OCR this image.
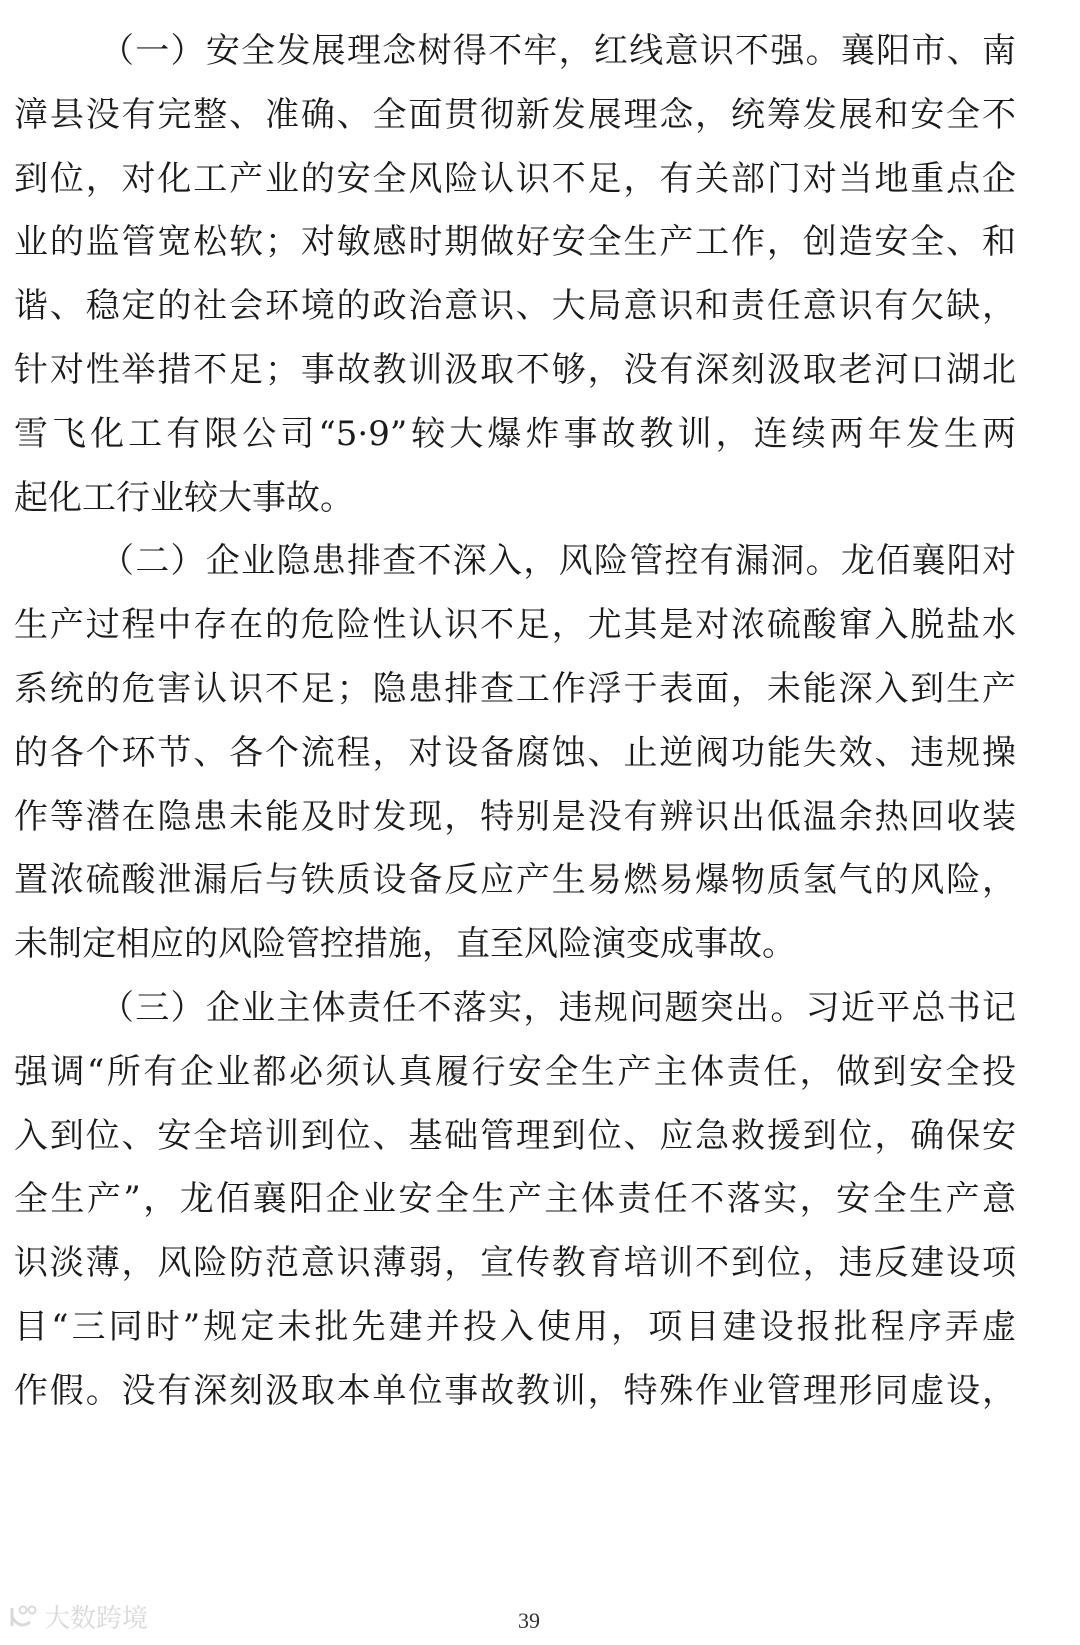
（一）安全发展理念树得不牢，红线意识不强。襄阳市、南
漳县没有完整、准确、全面贯彻新发展理念，统筹发展和安全不
到位，对化工产业的安全风险认识不足，有关部门对当地重点企
业的监管宽松软；对敏感时期做好安全生产工作，创造安全、和
谐、稳定的社会环境的政治意识、大局意识和责任意识有欠缺，
针对性举措不足；事故教训汲取不够，没有深刻汲取老河口湖北
雪飞化工有限公司“5·9”较大爆炸事故教训，连续两年发生两
起化工行业较大事故。
（二）企业隐患排查不深入，风险管控有漏洞。龙佰襄阳对
生产过程中存在的危险性认识不足，尤其是对浓硫酸窜入脱盐水
系统的危害认识不足；隐患排查工作浮于表面，未能深入到生产
的各个环节、各个流程，对设备腐蚀、止逆阀功能失效、违规操
作等潜在隐患未能及时发现，特别是没有辨识出低温余热回收装
置浓硫酸泄漏后与铁质设备反应产生易燃易爆物质氢气的风险，
未制定相应的风险管控措施，直至风险演变成事故。
（三）企业主体责任不落实，违规问题突出。习近平总书记
强调“所有企业都必须认真履行安全生产主体责任，做到安全投
入到位、安全培训到位、基础管理到位、应急救援到位，确保安
全生产”，龙佰襄阳企业安全生产主体责任不落实，安全生产意
识淡薄，风险防范意识薄弱，宣传教育培训不到位，违反建设项
目“三同时”规定未批先建并投入使用，项目建设报批程序弄虚
作假。没有深刻汲取本单位事故教训，特殊作业管理形同虚设，
大数跨境	39
